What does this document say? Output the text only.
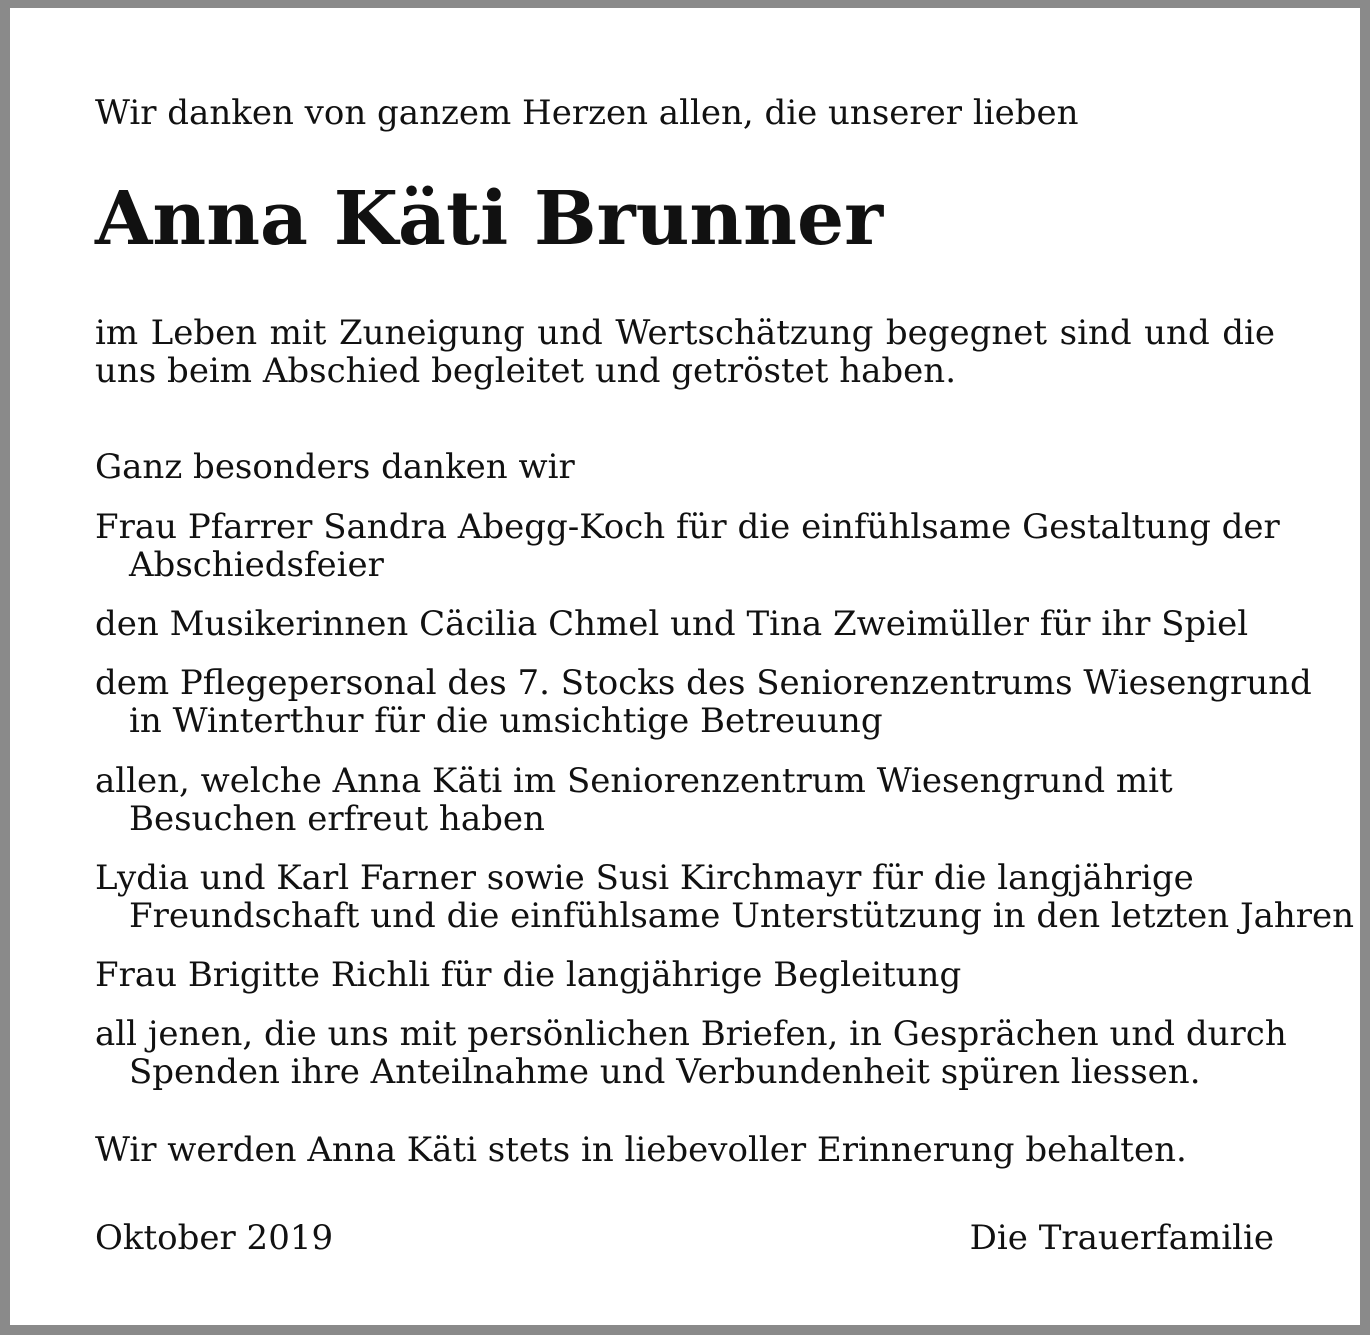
Wir danken von ganzem Herzen allen, die unserer lieben

Anna Käti Brunner

im Leben mit Zuneigung und Wertschätzung begegnet sind und die

uns beim Abschied begleitet und getröstet haben.

Ganz besonders danken wir

Frau Pfarrer Sandra Abegg-Koch für die einfühlsame Gestaltung der
Abschiedsfeier
den Musikerinnen Cäcilia Chmel und Tina Zweimüller für ihr Spiel
dem Pflegepersonal des 7. Stocks des Seniorenzentrums Wiesengrund
in Winterthur für die umsichtige Betreuung
allen, welche Anna Käti im Seniorenzentrum Wiesengrund mit
Besuchen erfreut haben
Lydia und Karl Farner sowie Susi Kirchmayr für die langjährige
Freundschaft und die einfühlsame Unterstützung in den letzten Jahren
Frau Brigitte Richli für die langjährige Begleitung
all jenen, die uns mit persönlichen Briefen, in Gesprächen und durch
Spenden ihre Anteilnahme und Verbundenheit spüren liessen.

Wir werden Anna Käti stets in liebevoller Erinnerung behalten.

Oktober 2019	Die Trauerfamilie
